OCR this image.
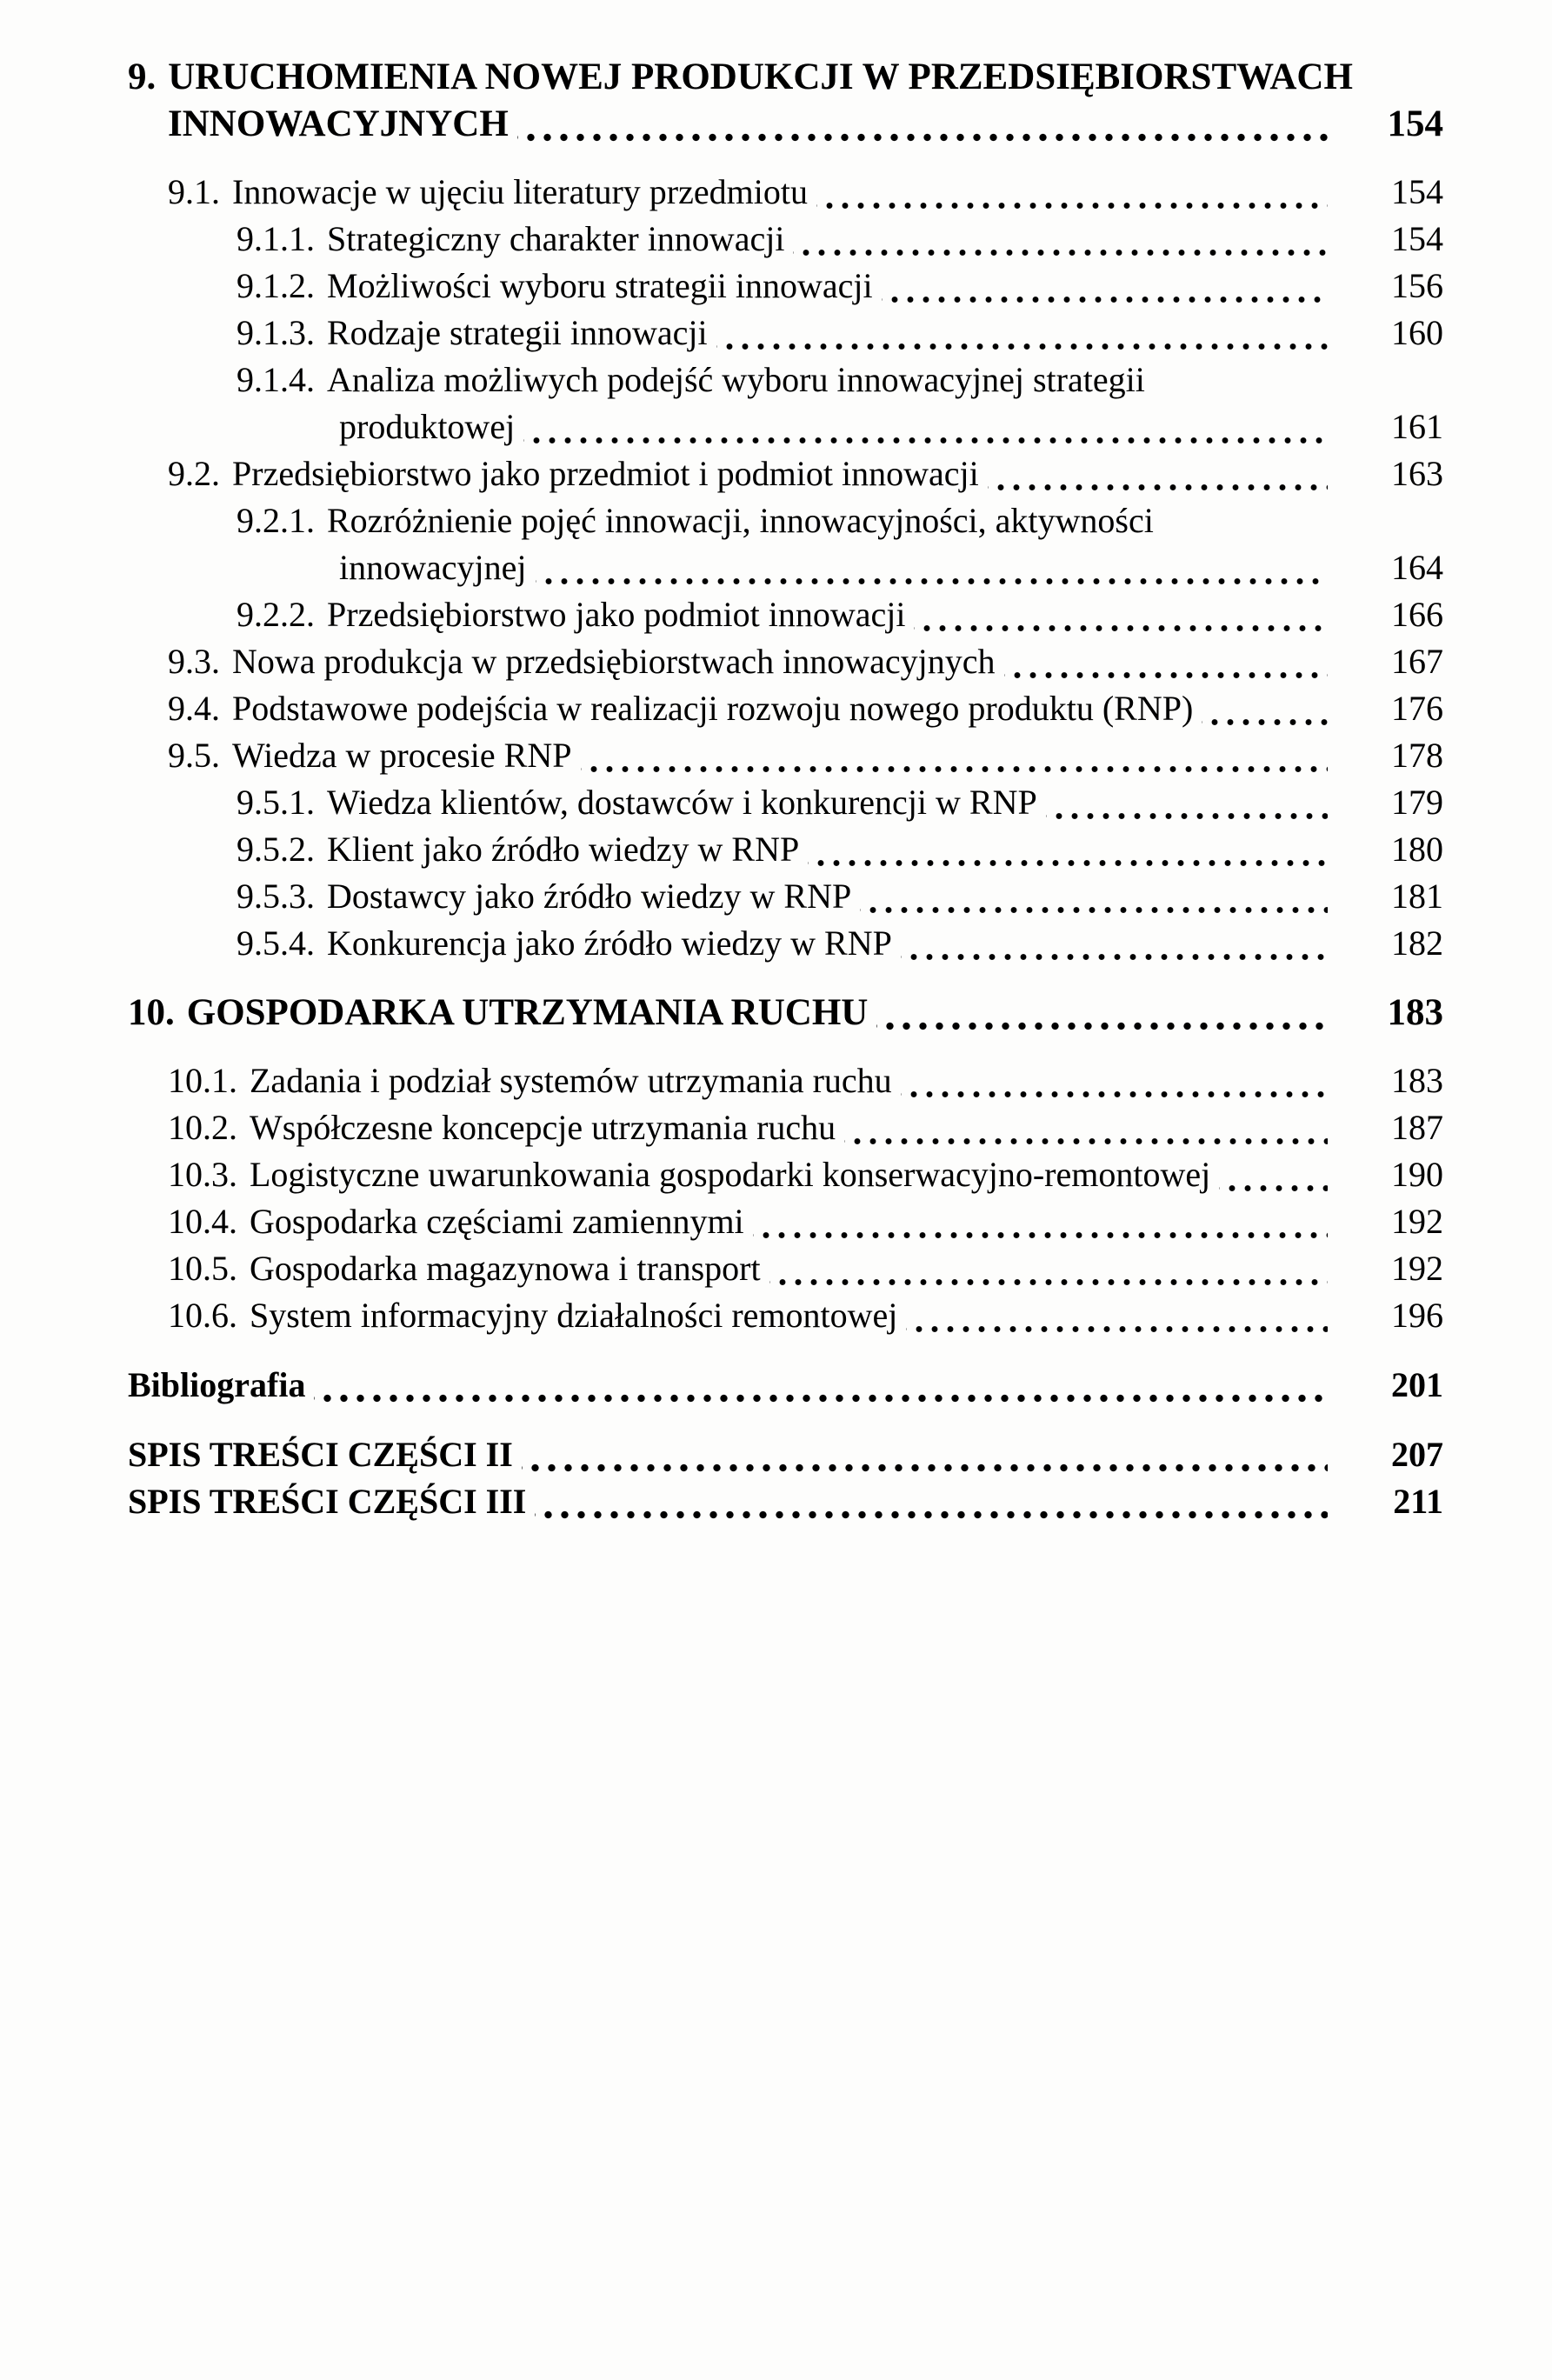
9. URUCHOMIENIA NOWEJ PRODUKCJI W PRZEDSIĘBIORSTWACH
INNOWACYJNYCH	154
9.1. Innowacje w ujęciu literatury przedmiotu	154
9.1.1. Strategiczny charakter innowacji	154
9.1.2. Możliwości wyboru strategii innowacji	156
9.1.3. Rodzaje strategii innowacji	160
9.1.4. Analiza możliwych podejść wyboru innowacyjnej strategii
produktowej	161
9.2. Przedsiębiorstwo jako przedmiot i podmiot innowacji	163
9.2.1. Rozróżnienie pojęć innowacji, innowacyjności, aktywności
innowacyjnej	164
9.2.2. Przedsiębiorstwo jako podmiot innowacji	166
9.3. Nowa produkcja w przedsiębiorstwach innowacyjnych	167
9.4. Podstawowe podejścia w realizacji rozwoju nowego produktu (RNP)	176
9.5. Wiedza w procesie RNP	178
9.5.1. Wiedza klientów, dostawców i konkurencji w RNP	179
9.5.2. Klient jako źródło wiedzy w RNP	180
9.5.3. Dostawcy jako źródło wiedzy w RNP	181
9.5.4. Konkurencja jako źródło wiedzy w RNP	182
10. GOSPODARKA UTRZYMANIA RUCHU	183
10.1. Zadania i podział systemów utrzymania ruchu	183
10.2. Współczesne koncepcje utrzymania ruchu	187
10.3. Logistyczne uwarunkowania gospodarki konserwacyjno-remontowej	190
10.4. Gospodarka częściami zamiennymi	192
10.5. Gospodarka magazynowa i transport	192
10.6. System informacyjny działalności remontowej	196
Bibliografia	201
SPIS TREŚCI CZĘŚCI II	207
SPIS TREŚCI CZĘŚCI III	211
